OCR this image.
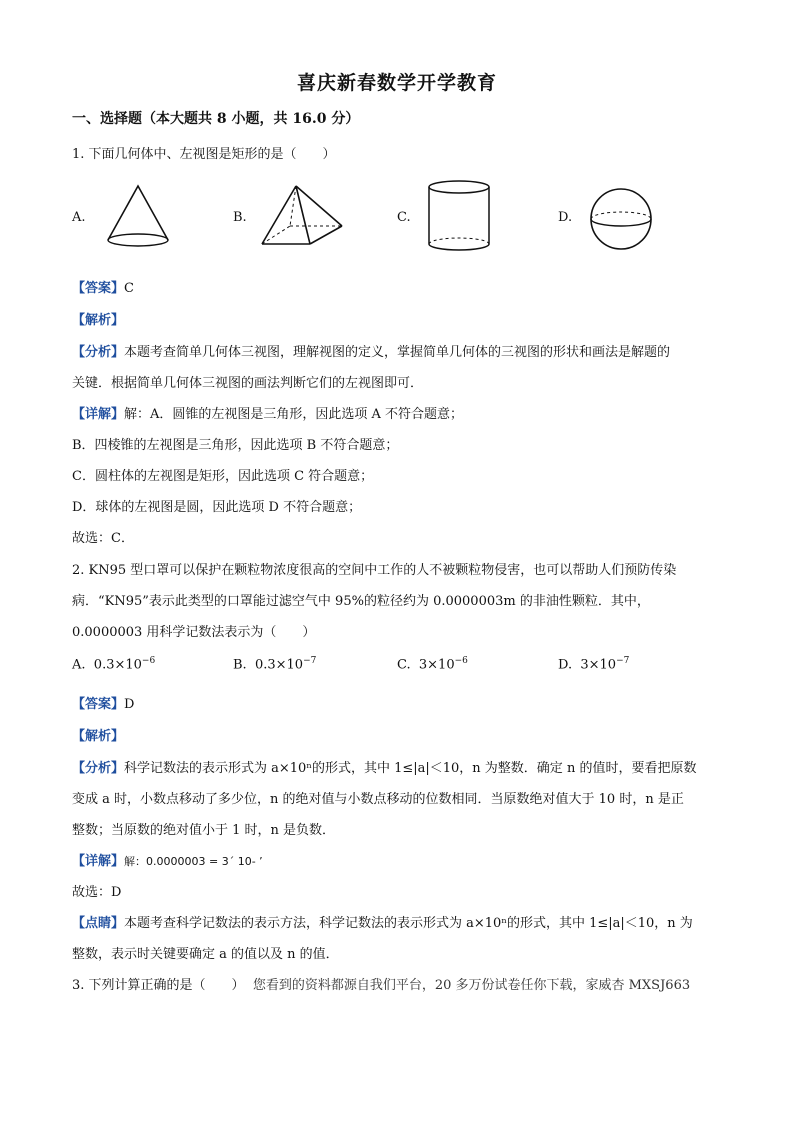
喜庆新春数学开学教育
一、选择题（本大题共 8 小题，共 16.0 分）
1. 下面几何体中、左视图是矩形的是（　　）
A.	B.	C.	D.
【答案】C
【解析】
【分析】本题考查简单几何体三视图，理解视图的定义，掌握简单几何体的三视图的形状和画法是解题的
关键．根据简单几何体三视图的画法判断它们的左视图即可．
【详解】解：A．圆锥的左视图是三角形，因此选项 A 不符合题意；
B．四棱锥的左视图是三角形，因此选项 B 不符合题意；
C．圆柱体的左视图是矩形，因此选项 C 符合题意；
D．球体的左视图是圆，因此选项 D 不符合题意；
故选：C．
2. KN95 型口罩可以保护在颗粒物浓度很高的空间中工作的人不被颗粒物侵害，也可以帮助人们预防传染
病．“KN95”表示此类型的口罩能过滤空气中 95%的粒径约为 0.0000003m 的非油性颗粒．其中，
0.0000003 用科学记数法表示为（　　）
A. $0.3\times 10^{-6}$	B. $0.3\times 10^{-7}$	C. $3\times 10^{-6}$	D. $3\times 10^{-7}$
【答案】D
【解析】
【分析】科学记数法的表示形式为 a×10ⁿ的形式，其中 1≤|a|＜10，n 为整数．确定 n 的值时，要看把原数
变成 a 时，小数点移动了多少位，n 的绝对值与小数点移动的位数相同．当原数绝对值大于 10 时，n 是正
整数；当原数的绝对值小于 1 时，n 是负数．
【详解】解：0.0000003 = 3´ 10- ’
故选：D
【点睛】本题考查科学记数法的表示方法，科学记数法的表示形式为 a×10ⁿ的形式，其中 1≤|a|＜10，n 为
整数，表示时关键要确定 a 的值以及 n 的值．
3. 下列计算正确的是（　　） 您看到的资料都源自我们平台，20 多万份试卷任你下载，家威杏 MXSJ663
